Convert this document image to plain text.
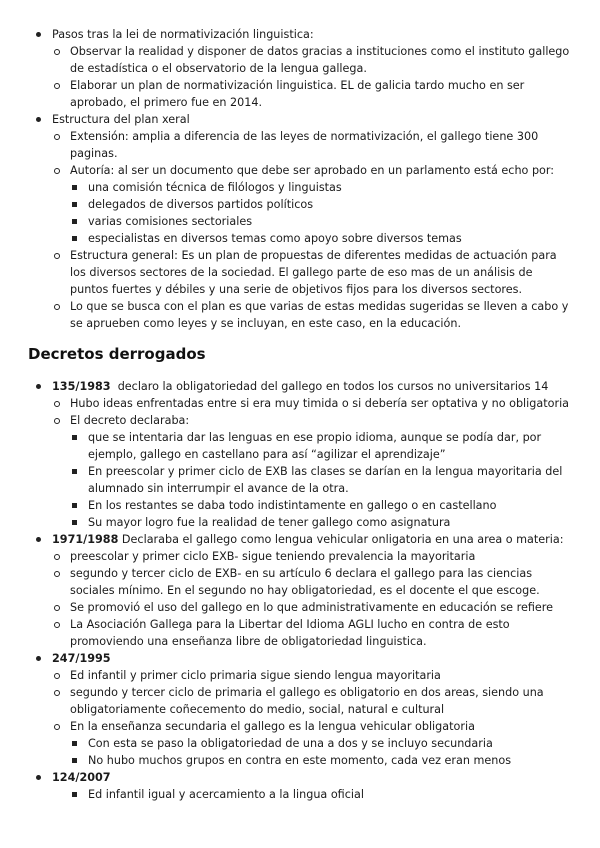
Pasos tras la lei de normativización linguistica:
Observar la realidad y disponer de datos gracias a instituciones como el instituto gallego de estadística o el observatorio de la lengua gallega.
Elaborar un plan de normativización linguistica. EL de galicia tardo mucho en ser aprobado, el primero fue en 2014.
Estructura del plan xeral
Extensión: amplia a diferencia de las leyes de normativización, el gallego tiene 300 paginas.
Autoría: al ser un documento que debe ser aprobado en un parlamento está echo por:
una comisión técnica de filólogos y linguistas
delegados de diversos partidos políticos
varias comisiones sectoriales
especialistas en diversos temas como apoyo sobre diversos temas
Estructura general: Es un plan de propuestas de diferentes medidas de actuación para los diversos sectores de la sociedad. El gallego parte de eso mas de un análisis de puntos fuertes y débiles y una serie de objetivos fijos para los diversos sectores.
Lo que se busca con el plan es que varias de estas medidas sugeridas se lleven a cabo y se aprueben como leyes y se incluyan, en este caso, en la educación.
Decretos derrogados
135/1983  declaro la obligatoriedad del gallego en todos los cursos no universitarios 14
Hubo ideas enfrentadas entre si era muy timida o si debería ser optativa y no obligatoria
El decreto declaraba:
que se intentaria dar las lenguas en ese propio idioma, aunque se podía dar, por ejemplo, gallego en castellano para así “agilizar el aprendizaje”
En preescolar y primer ciclo de EXB las clases se darían en la lengua mayoritaria del alumnado sin interrumpir el avance de la otra.
En los restantes se daba todo indistintamente en gallego o en castellano
Su mayor logro fue la realidad de tener gallego como asignatura
1971/1988 Declaraba el gallego como lengua vehicular onligatoria en una area o materia:
preescolar y primer ciclo EXB- sigue teniendo prevalencia la mayoritaria
segundo y tercer ciclo de EXB- en su artículo 6 declara el gallego para las ciencias sociales mínimo. En el segundo no hay obligatoriedad, es el docente el que escoge.
Se promovió el uso del gallego en lo que administrativamente en educación se refiere
La Asociación Gallega para la Libertar del Idioma AGLI lucho en contra de esto promoviendo una enseñanza libre de obligatoriedad linguistica.
247/1995
Ed infantil y primer ciclo primaria sigue siendo lengua mayoritaria
segundo y tercer ciclo de primaria el gallego es obligatorio en dos areas, siendo una obligatoriamente coñecemento do medio, social, natural e cultural
En la enseñanza secundaria el gallego es la lengua vehicular obligatoria
Con esta se paso la obligatoriedad de una a dos y se incluyo secundaria
No hubo muchos grupos en contra en este momento, cada vez eran menos
124/2007
Ed infantil igual y acercamiento a la lingua oficial
